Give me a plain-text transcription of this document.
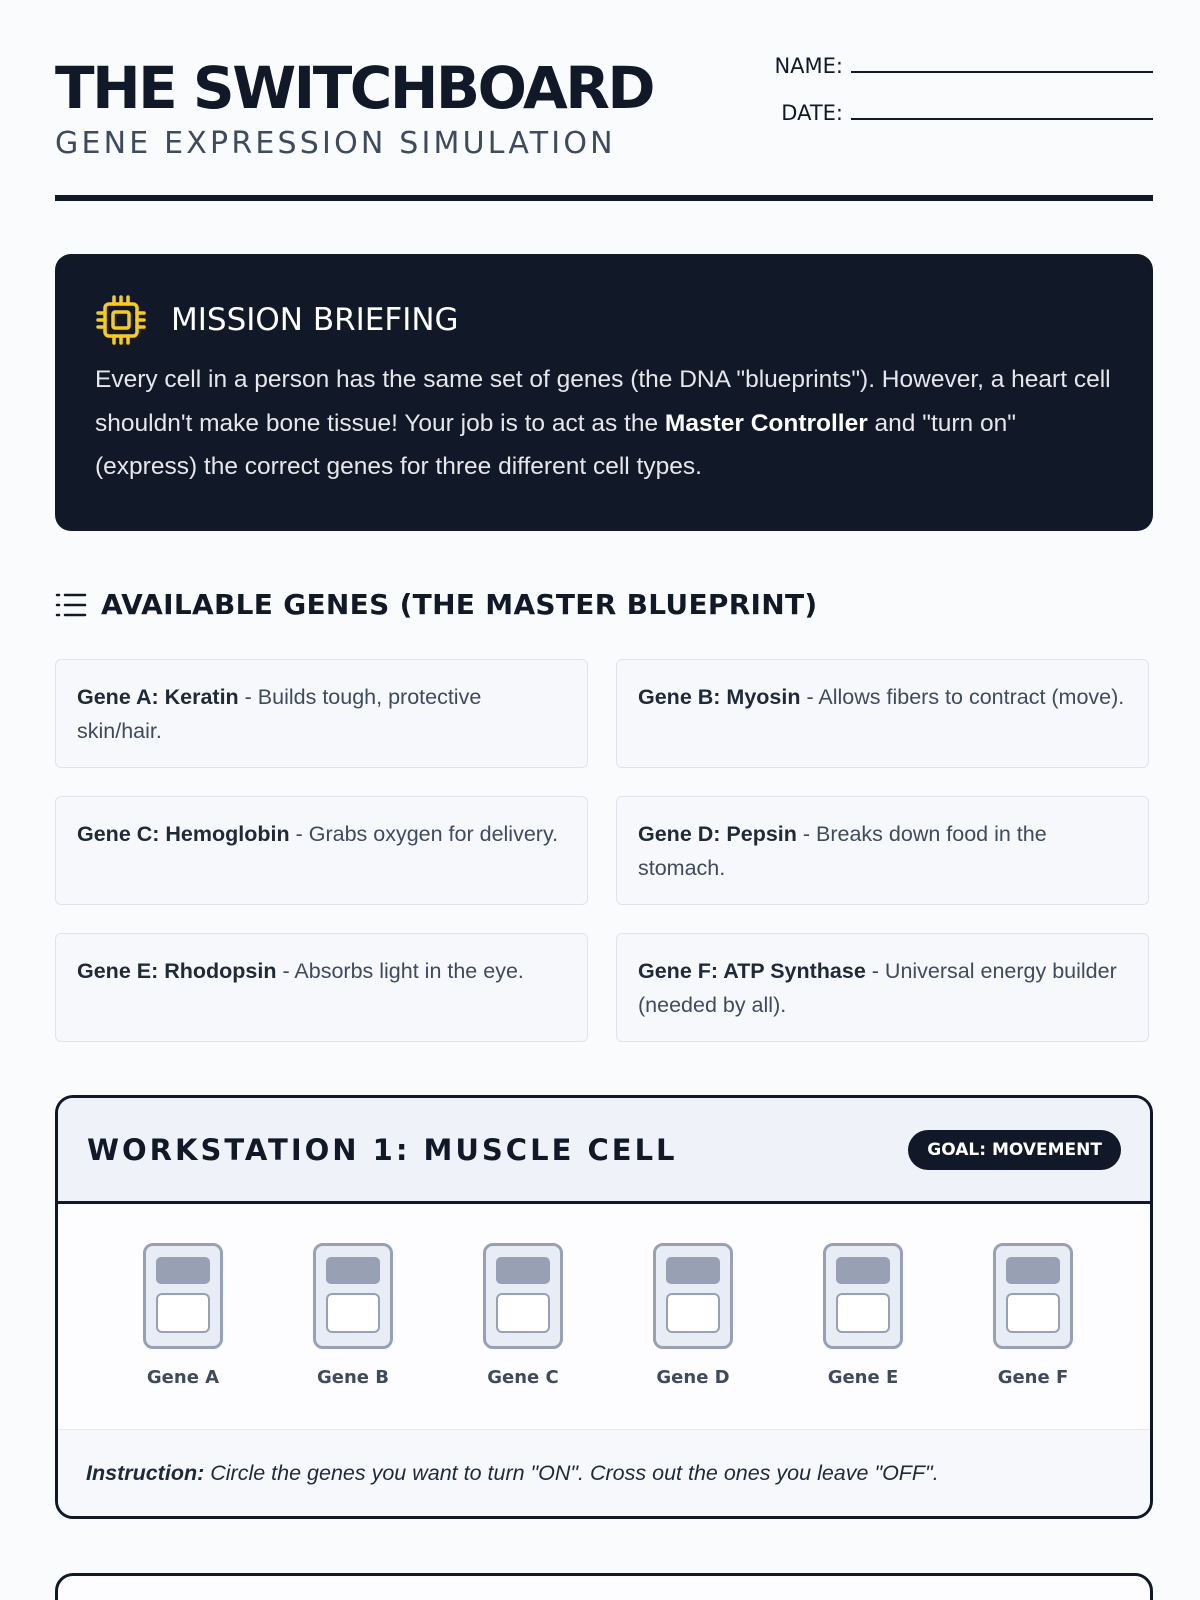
THE SWITCHBOARD
GENE EXPRESSION SIMULATION
NAME:
DATE:
MISSION BRIEFING

Every cell in a person has the same set of genes (the DNA "blueprints"). However, a heart cell shouldn't make bone tissue! Your job is to act as the Master Controller and "turn on" (express) the correct genes for three different cell types.

AVAILABLE GENES (THE MASTER BLUEPRINT)
Gene A: Keratin - Builds tough, protective skin/hair.
Gene B: Myosin - Allows fibers to contract (move).
Gene C: Hemoglobin - Grabs oxygen for delivery.	Gene D: Pepsin - Breaks down food in the stomach.
Gene E: Rhodopsin - Absorbs light in the eye.	Gene F: ATP Synthase - Universal energy builder (needed by all).
WORKSTATION 1: MUSCLE CELL	GOAL: MOVEMENT
Gene A	Gene B	Gene C	Gene D	Gene E	Gene F
Instruction: Circle the genes you want to turn "ON". Cross out the ones you leave "OFF".
